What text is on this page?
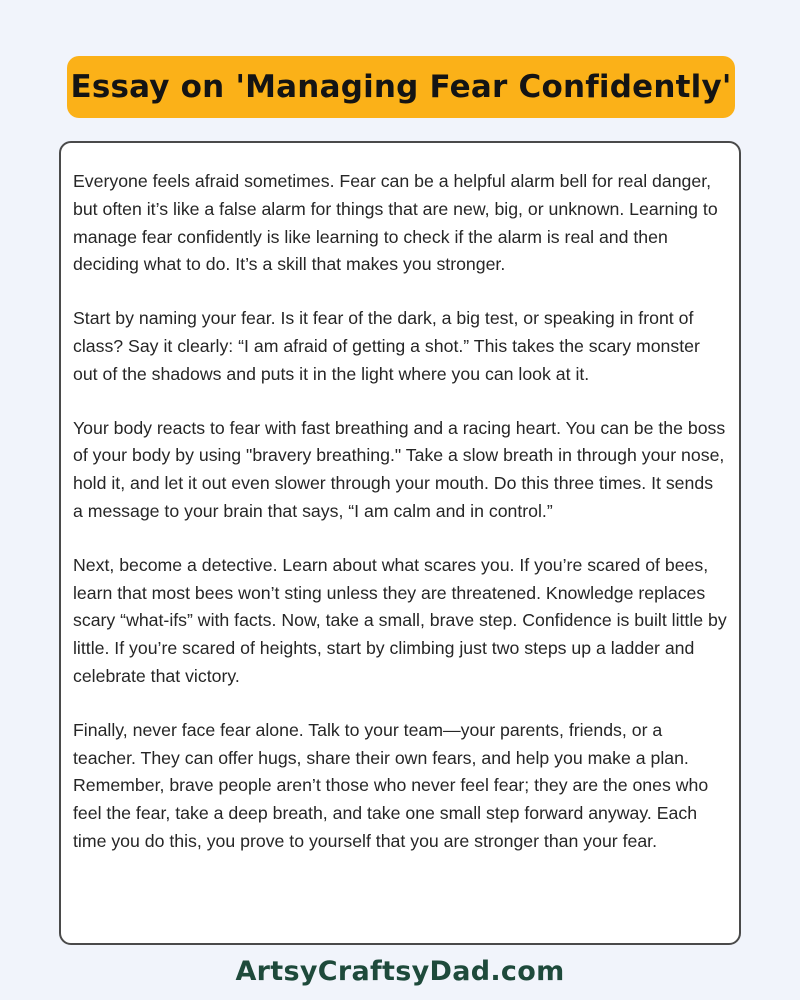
Essay on 'Managing Fear Confidently'

Everyone feels afraid sometimes. Fear can be a helpful alarm bell for real danger, but often it’s like a false alarm for things that are new, big, or unknown. Learning to manage fear confidently is like learning to check if the alarm is real and then deciding what to do. It’s a skill that makes you stronger.

Start by naming your fear. Is it fear of the dark, a big test, or speaking in front of class? Say it clearly: “I am afraid of getting a shot.” This takes the scary monster out of the shadows and puts it in the light where you can look at it.

Your body reacts to fear with fast breathing and a racing heart. You can be the boss of your body by using "bravery breathing." Take a slow breath in through your nose, hold it, and let it out even slower through your mouth. Do this three times. It sends a message to your brain that says, “I am calm and in control.”

Next, become a detective. Learn about what scares you. If you’re scared of bees, learn that most bees won’t sting unless they are threatened. Knowledge replaces scary “what-ifs” with facts. Now, take a small, brave step. Confidence is built little by little. If you’re scared of heights, start by climbing just two steps up a ladder and celebrate that victory.

Finally, never face fear alone. Talk to your team—your parents, friends, or a teacher. They can offer hugs, share their own fears, and help you make a plan. Remember, brave people aren’t those who never feel fear; they are the ones who feel the fear, take a deep breath, and take one small step forward anyway. Each time you do this, you prove to yourself that you are stronger than your fear.

ArtsyCraftsyDad.com
